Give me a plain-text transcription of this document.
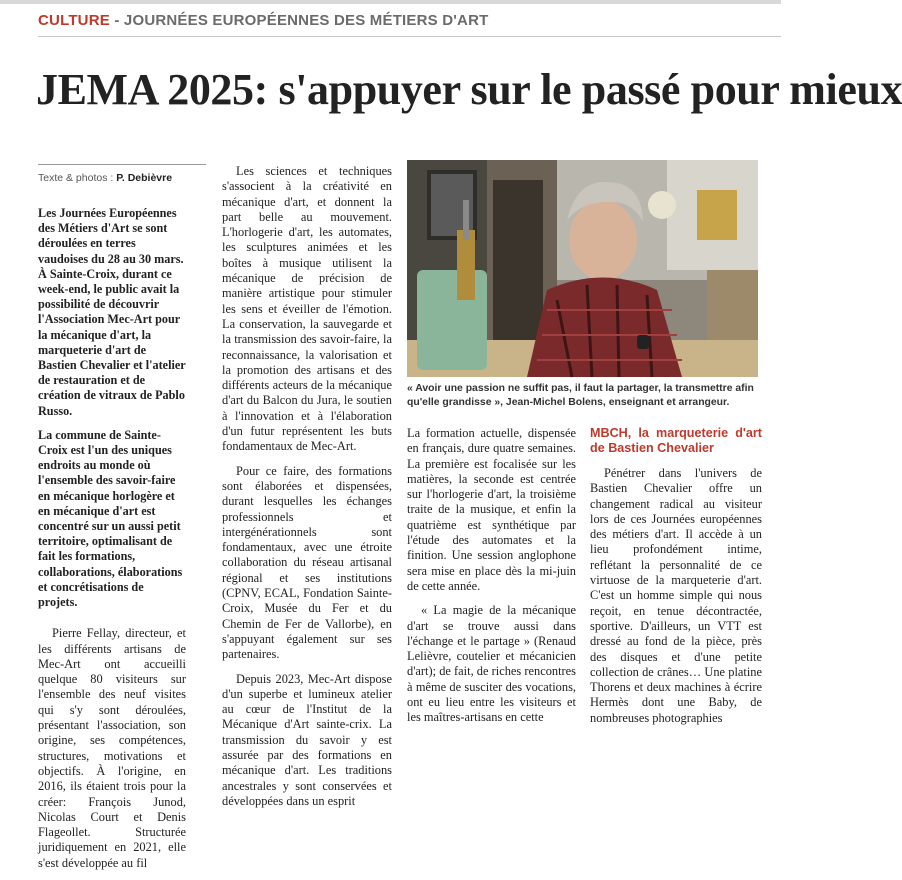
CULTURE - JOURNÉES EUROPÉENNES DES MÉTIERS D'ART
JEMA 2025: s'appuyer sur le passé pour mieux
Texte & photos : P. Debièvre

Les Journées Européennes des Métiers d'Art se sont déroulées en terres vaudoises du 28 au 30 mars. À Sainte-Croix, durant ce week-end, le public avait la possibilité de découvrir l'Association Mec-Art pour la mécanique d'art, la marqueterie d'art de Bastien Chevalier et l'atelier de restauration et de création de vitraux de Pablo Russo.

La commune de Sainte-Croix est l'un des uniques endroits au monde où l'ensemble des savoir-faire en mécanique horlogère et en mécanique d'art est concentré sur un aussi petit territoire, optimalisant de fait les formations, collaborations, élaborations et concrétisations de projets.

Pierre Fellay, directeur, et les différents artisans de Mec-Art ont accueilli quelque 80 visiteurs sur l'ensemble des neuf visites qui s'y sont déroulées, présentant l'association, son origine, ses compétences, structures, motivations et objectifs. À l'origine, en 2016, ils étaient trois pour la créer: François Junod, Nicolas Court et Denis Flageollet. Structurée juridiquement en 2021, elle s'est développée au fil

Les sciences et techniques s'associent à la créativité en mécanique d'art, et donnent la part belle au mouvement. L'horlogerie d'art, les automates, les sculptures animées et les boîtes à musique utilisent la mécanique de précision de manière artistique pour stimuler les sens et éveiller de l'émotion. La conservation, la sauvegarde et la transmission des savoir-faire, la reconnaissance, la valorisation et la promotion des artisans et des différents acteurs de la mécanique d'art du Balcon du Jura, le soutien à l'innovation et à l'élaboration d'un futur représentent les buts fondamentaux de Mec-Art.

Pour ce faire, des formations sont élaborées et dispensées, durant lesquelles les échanges professionnels et intergénérationnels sont fondamentaux, avec une étroite collaboration du réseau artisanal régional et ses institutions (CPNV, ECAL, Fondation Sainte-Croix, Musée du Fer et du Chemin de Fer de Vallorbe), en s'appuyant également sur ses partenaires.

Depuis 2023, Mec-Art dispose d'un superbe et lumineux atelier au cœur de l'Institut de la Mécanique d'Art sainte-crix. La transmission du savoir y est assurée par des formations en mécanique d'art. Les traditions ancestrales y sont conservées et développées dans un esprit

« Avoir une passion ne suffit pas, il faut la partager, la transmettre afin qu'elle grandisse », Jean-Michel Bolens, enseignant et arrangeur.

La formation actuelle, dispensée en français, dure quatre semaines. La première est focalisée sur les matières, la seconde est centrée sur l'horlogerie d'art, la troisième traite de la musique, et enfin la quatrième est synthétique par l'étude des automates et la finition. Une session anglophone sera mise en place dès la mi-juin de cette année.

« La magie de la mécanique d'art se trouve aussi dans l'échange et le partage » (Renaud Lelièvre, coutelier et mécanicien d'art); de fait, de riches rencontres à même de susciter des vocations, ont eu lieu entre les visiteurs et les maîtres-artisans en cette

MBCH, la marqueterie d'art de Bastien Chevalier

Pénétrer dans l'univers de Bastien Chevalier offre un changement radical au visiteur lors de ces Journées européennes des métiers d'art. Il accède à un lieu profondément intime, reflétant la personnalité de ce virtuose de la marqueterie d'art. C'est un homme simple qui nous reçoit, en tenue décontractée, sportive. D'ailleurs, un VTT est dressé au fond de la pièce, près des disques et d'une petite collection de crânes… Une platine Thorens et deux machines à écrire Hermès dont une Baby, de nombreuses photographies
